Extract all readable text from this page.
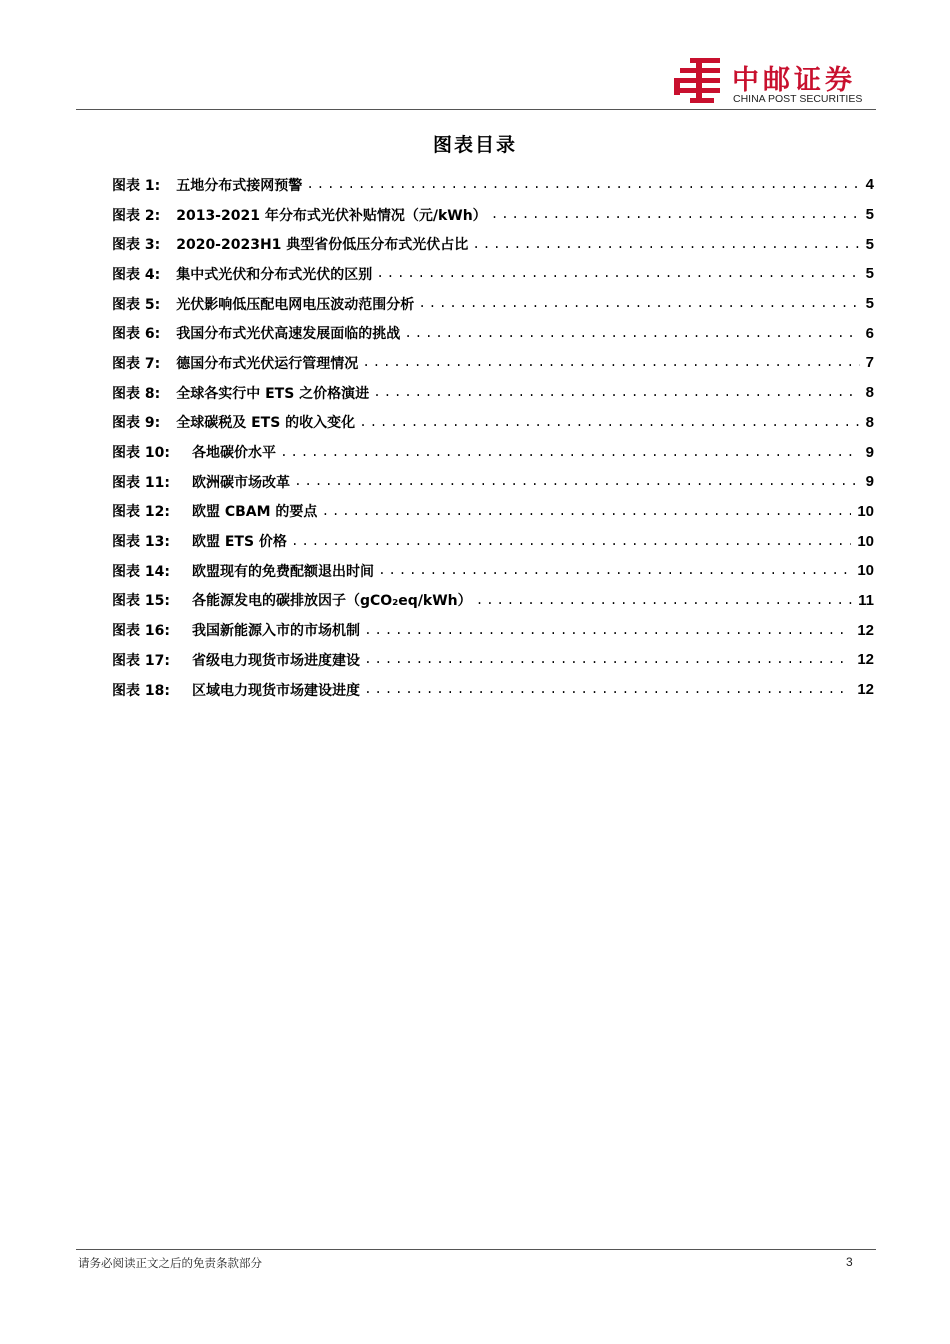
中邮证券
CHINA POST SECURITIES
图表目录
图表 1: 五地分布式接网预警 .....	4
图表 2: 2013-2021 年分布式光伏补贴情况（元/kWh） .....	5
图表 3: 2020-2023H1 典型省份低压分布式光伏占比 .....	5
图表 4: 集中式光伏和分布式光伏的区别 .....	5
图表 5: 光伏影响低压配电网电压波动范围分析 .....	5
图表 6: 我国分布式光伏高速发展面临的挑战 .....	6
图表 7: 德国分布式光伏运行管理情况 .....	7
图表 8: 全球各实行中 ETS 之价格演进 .....	8
图表 9: 全球碳税及 ETS 的收入变化 .....	8
图表 10: 各地碳价水平 .....	9
图表 11: 欧洲碳市场改革 .....	9
图表 12: 欧盟 CBAM 的要点 .....	10
图表 13: 欧盟 ETS 价格 .....	10
图表 14: 欧盟现有的免费配额退出时间 .....	10
图表 15: 各能源发电的碳排放因子（gCO₂eq/kWh） .....	11
图表 16: 我国新能源入市的市场机制 .....	12
图表 17: 省级电力现货市场进度建设 .....	12
图表 18: 区域电力现货市场建设进度 .....	12
请务必阅读正文之后的免责条款部分	3
